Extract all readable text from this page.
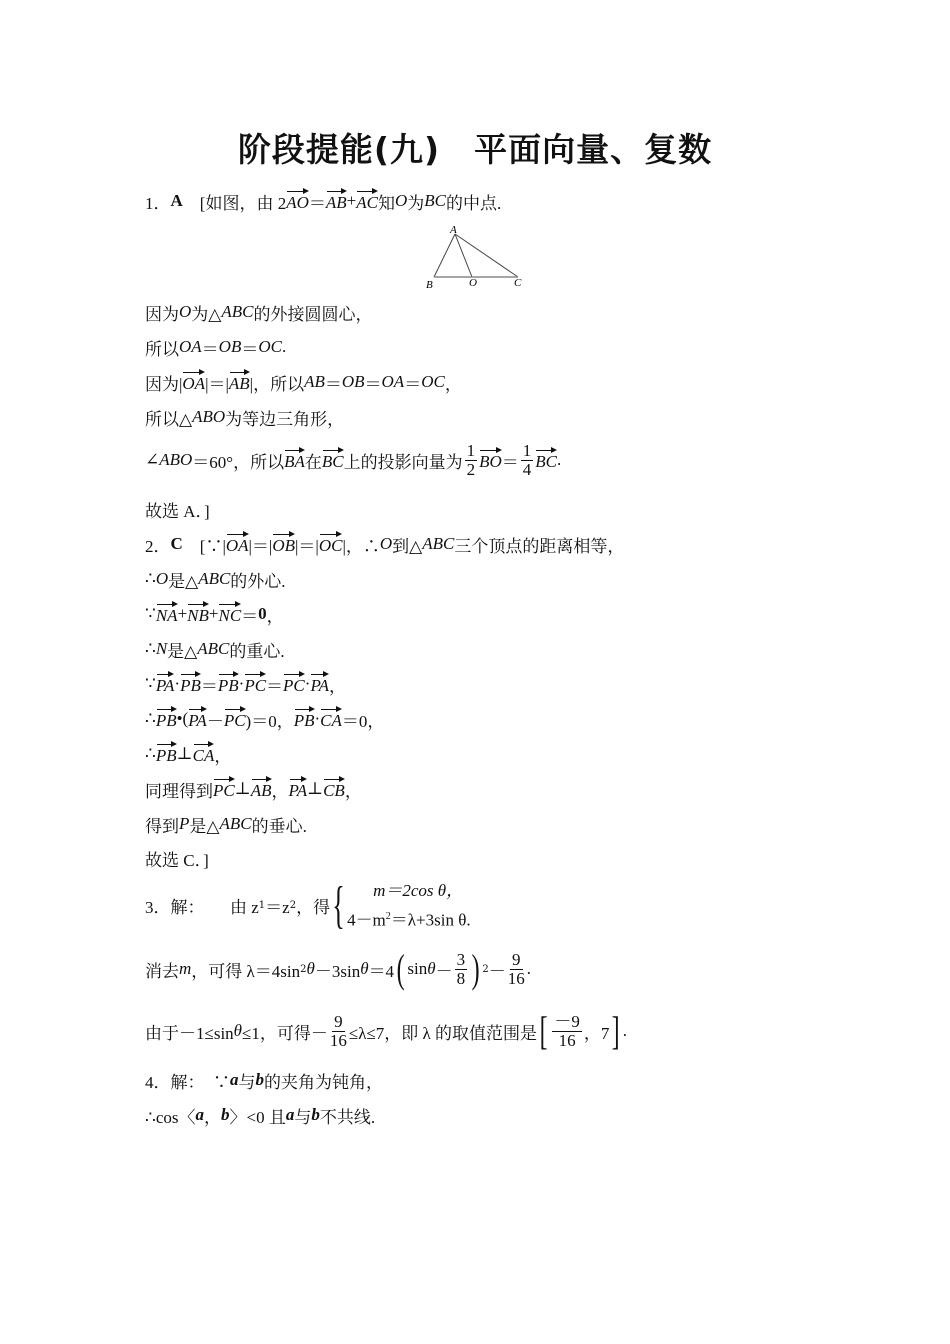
阶段提能(九)　平面向量、复数
A
B	O	C
3．解：　　由 z 1 ＝z 2 ，得 {	m＝2cos θ，
$4-m^2=\lambda+3\sin$ θ.
1． A 　[如图，由 2 AO ＝ AB + AC 知 O 为 BC 的中点.
因为 O 为△ ABC 的外接圆圆心，
所以 OA ＝ OB ＝ OC .
因为| OA |＝| AB |，所以 AB ＝ OB ＝ OA ＝ OC ，
所以△ ABO 为等边三角形，
∠ ABO ＝60°，所以 BA 在 BC 上的投影向量为 $\frac{1}{2}$ BO ＝ $\frac{1}{4}$ BC .
故选 A．]
2． C 　[∵| OA |＝| OB |＝| OC |，∴ O 到△ ABC 三个顶点的距离相等，
∴ O 是△ ABC 的外心.
∵ NA + NB + NC ＝ 0 ，
∴ N 是△ ABC 的重心.
∵ PA · PB ＝ PB · PC ＝ PC · PA ，
∴ PB •( PA － PC )＝0， PB · CA ＝0，
∴ PB ⊥ CA ，
同理得到 PC ⊥ AB ， PA ⊥ CB ，
得到 P 是△ ABC 的垂心.
故选 C．]
消去 m ，可得 λ＝4sin 2 θ －3sin θ ＝4 ( $\sin \theta - \frac{3}{8}$ ) $2 - \frac{9}{16}$ .
由于－1≤sin θ ≤1，可得－ $\frac{9}{16} \le\lambda\le 7$，即 λ 的取值范围是 [ $\frac{-9}{16}$ ，7 ] .
4．解：　∵ a 与 b 的夹角为钝角，
∴cos〈 a ， b 〉<0 且 a 与 b 不共线.
